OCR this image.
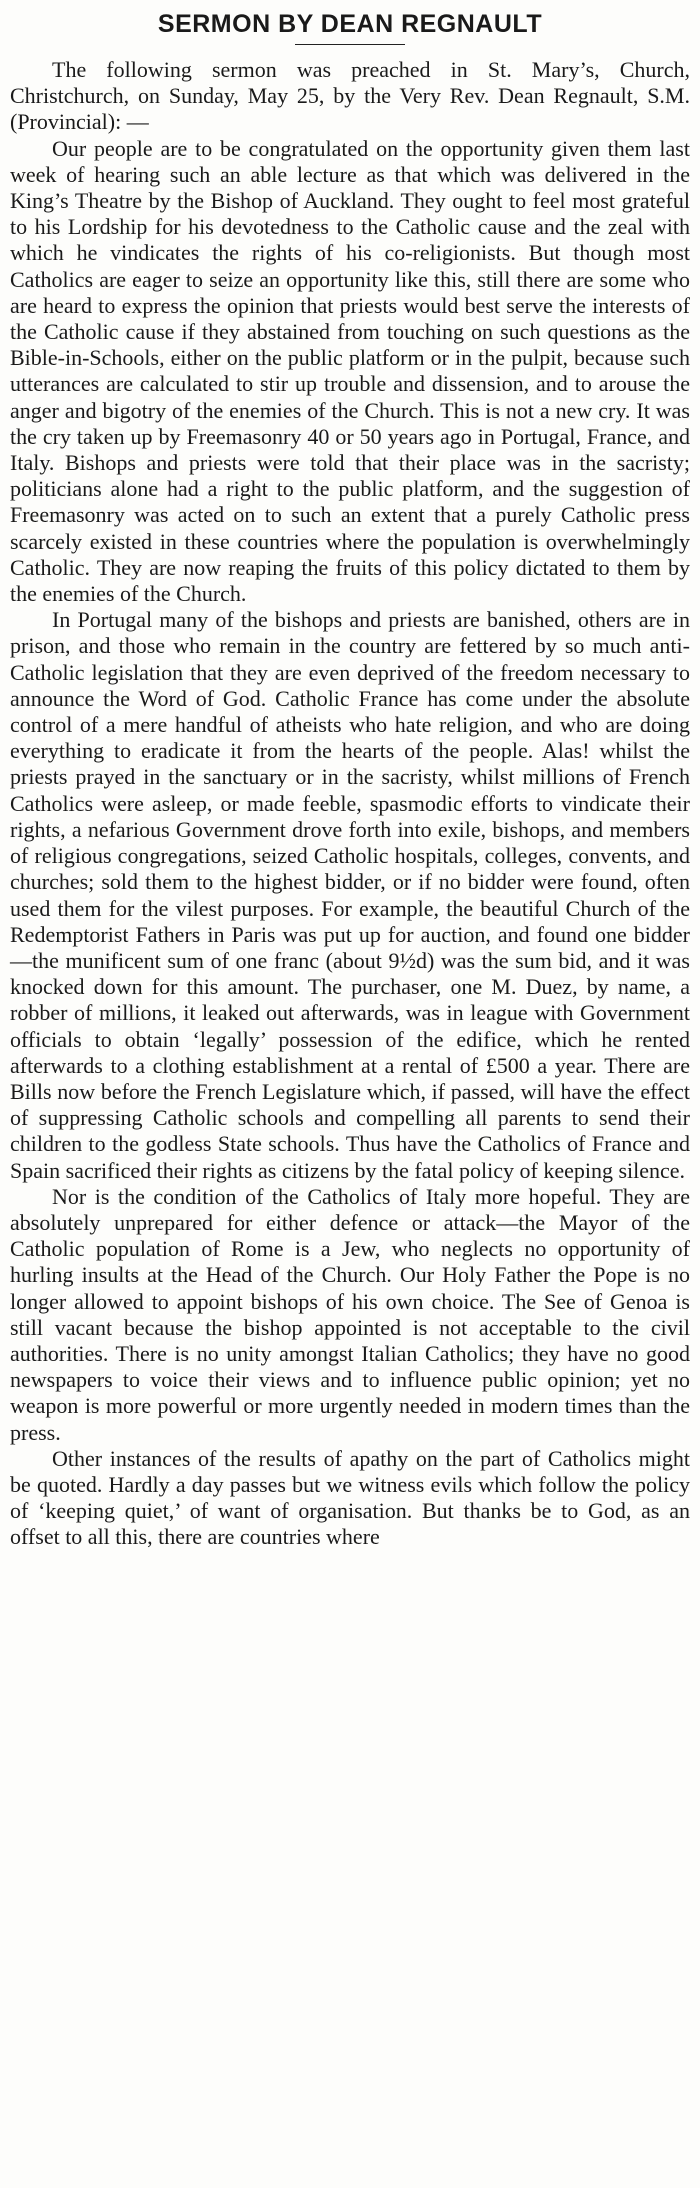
SERMON BY DEAN REGNAULT

The following sermon was preached in St. Mary’s, Church, Christchurch, on Sunday, May 25, by the Very Rev. Dean Regnault, S.M. (Provincial): —

Our people are to be congratulated on the opportunity given them last week of hearing such an able lecture as that which was delivered in the King’s Theatre by the Bishop of Auckland. They ought to feel most grateful to his Lordship for his devotedness to the Catholic cause and the zeal with which he vindicates the rights of his co-religionists. But though most Catholics are eager to seize an opportunity like this, still there are some who are heard to express the opinion that priests would best serve the interests of the Catholic cause if they abstained from touching on such questions as the Bible-in-Schools, either on the public platform or in the pulpit, because such utterances are calculated to stir up trouble and dissension, and to arouse the anger and bigotry of the enemies of the Church. This is not a new cry. It was the cry taken up by Freemasonry 40 or 50 years ago in Portugal, France, and Italy. Bishops and priests were told that their place was in the sacristy; politicians alone had a right to the public platform, and the suggestion of Freemasonry was acted on to such an extent that a purely Catholic press scarcely existed in these countries where the population is overwhelmingly Catholic. They are now reaping the fruits of this policy dictated to them by the enemies of the Church.

In Portugal many of the bishops and priests are banished, others are in prison, and those who remain in the country are fettered by so much anti-Catholic legislation that they are even deprived of the freedom necessary to announce the Word of God. Catholic France has come under the absolute control of a mere handful of atheists who hate religion, and who are doing everything to eradicate it from the hearts of the people. Alas! whilst the priests prayed in the sanctuary or in the sacristy, whilst millions of French Catholics were asleep, or made feeble, spasmodic efforts to vindicate their rights, a nefarious Government drove forth into exile, bishops, and members of religious congregations, seized Catholic hospitals, colleges, convents, and churches; sold them to the highest bidder, or if no bidder were found, often used them for the vilest purposes. For example, the beautiful Church of the Redemptorist Fathers in Paris was put up for auction, and found one bidder—the munificent sum of one franc (about 9½d) was the sum bid, and it was knocked down for this amount. The purchaser, one M. Duez, by name, a robber of millions, it leaked out afterwards, was in league with Government officials to obtain ‘legally’ possession of the edifice, which he rented afterwards to a clothing establishment at a rental of £500 a year. There are Bills now before the French Legislature which, if passed, will have the effect of suppressing Catholic schools and compelling all parents to send their children to the godless State schools. Thus have the Catholics of France and Spain sacrificed their rights as citizens by the fatal policy of keeping silence.

Nor is the condition of the Catholics of Italy more hopeful. They are absolutely unprepared for either defence or attack—the Mayor of the Catholic population of Rome is a Jew, who neglects no opportunity of hurling insults at the Head of the Church. Our Holy Father the Pope is no longer allowed to appoint bishops of his own choice. The See of Genoa is still vacant because the bishop appointed is not acceptable to the civil authorities. There is no unity amongst Italian Catholics; they have no good newspapers to voice their views and to influence public opinion; yet no weapon is more powerful or more urgently needed in modern times than the press.

Other instances of the results of apathy on the part of Catholics might be quoted. Hardly a day passes but we witness evils which follow the policy of ‘keeping quiet,’ of want of organisation. But thanks be to God, as an offset to all this, there are countries where
